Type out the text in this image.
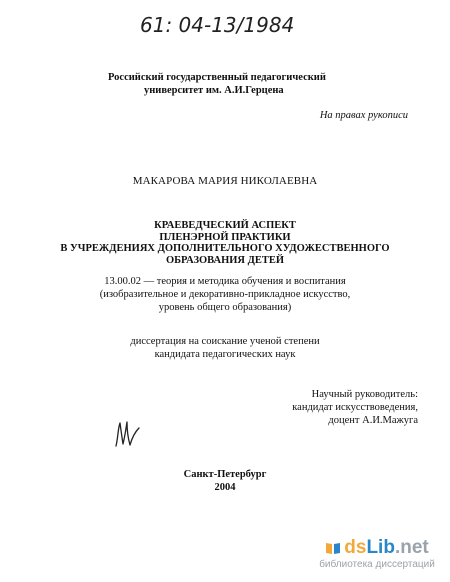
61: 04-13/1984
Российский государственный педагогический
университет им. А.И.Герцена
На правах рукописи
МАКАРОВА МАРИЯ НИКОЛАЕВНА
КРАЕВЕДЧЕСКИЙ АСПЕКТ
ПЛЕНЭРНОЙ ПРАКТИКИ
В УЧРЕЖДЕНИЯХ ДОПОЛНИТЕЛЬНОГО ХУДОЖЕСТВЕННОГО
ОБРАЗОВАНИЯ ДЕТЕЙ
13.00.02 — теория и методика обучения и воспитания
(изобразительное и декоративно-прикладное искусство,
уровень общего образования)
диссертация на соискание ученой степени
кандидата педагогических наук
Научный руководитель:
кандидат искусствоведения,
доцент А.И.Мажуга
Санкт-Петербург
2004
ds Lib .net
библиотека диссертаций
